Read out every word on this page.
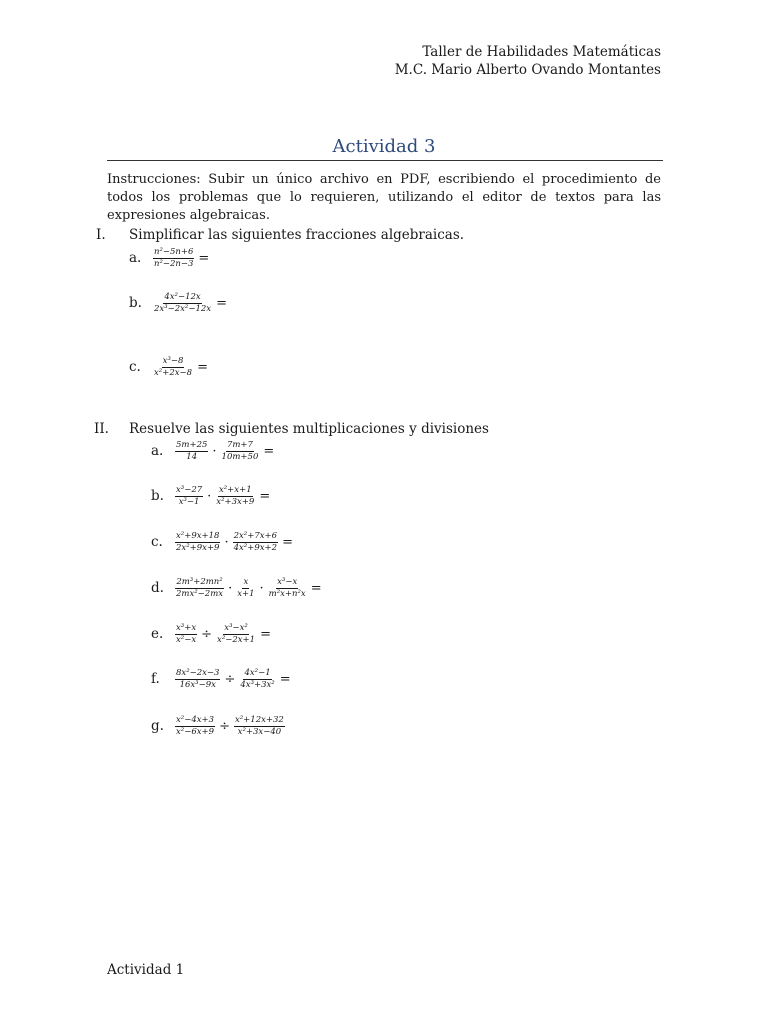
Taller de Habilidades Matemáticas
M.C. Mario Alberto Ovando Montantes
Actividad 3
Instrucciones: Subir un único archivo en PDF, escribiendo el procedimiento de todos los problemas que lo requieren, utilizando el editor de textos para las expresiones algebraicas.
I. Simplificar las siguientes fracciones algebraicas.
a.	$\frac{\text{n²−5n+6}}{\text{n²−2n−3}}$ =
b.	$\frac{\text{4x²−12x}}{\text{2x³−2x²−12x}}$ =
c.	$\frac{\text{x³−8}}{\text{x²+2x−8}}$ =
II. Resuelve las siguientes multiplicaciones y divisiones
a.	$\frac{5m+25}{14} \cdot \frac{7m+7}{10m+50}$ =
b.	$\frac{\text{x³−27}}{\text{x³−1}} \cdot \frac{\text{x²+x+1}}{\text{x²+3x+9}}$ =
c.	$\frac{\text{x²+9x+18}}{\text{2x²+9x+9}} \cdot \frac{\text{2x²+7x+6}}{\text{4x²+9x+2}}$ =
d.	$\frac{\text{2m³+2mn²}}{\text{2mx²−2mx}} \cdot \frac{x}{x+1} \cdot \frac{\text{x³−x}}{\text{m²x+n²x}}$ =
e.	$\frac{\text{x³+x}}{\text{x²−x}} \div \frac{\text{x³−x²}}{\text{x²−2x+1}}$ =
f.	$\frac{\text{8x²−2x−3}}{\text{16x³−9x}} \div \frac{\text{4x²−1}}{\text{4x³+3x²}}$ =
g.	$\frac{\text{x²−4x+3}}{\text{x²−6x+9}} \div \frac{\text{x²+12x+32}}{\text{x²+3x−40}}$
Actividad 1
